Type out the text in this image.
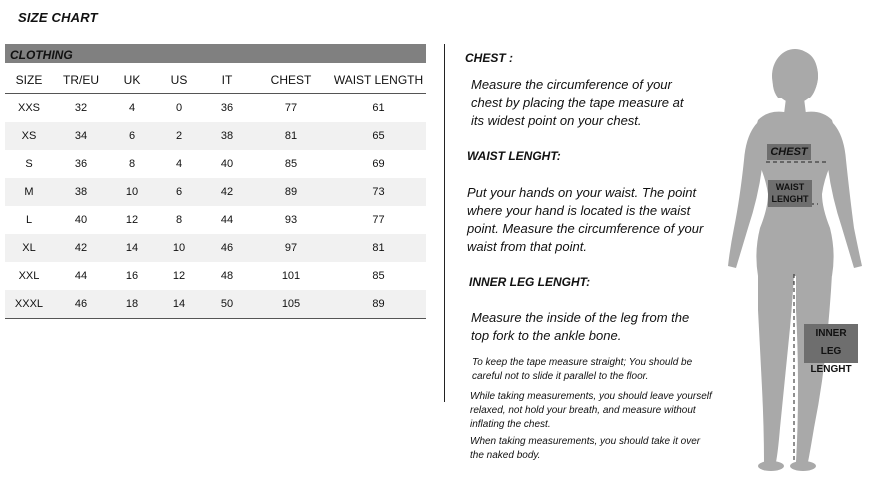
SIZE CHART
CLOTHING
SIZE	TR/EU	UK	US	IT	CHEST	WAIST LENGTH
XXS	32	4	0	36	77	61
XS	34	6	2	38	81	65
S	36	8	4	40	85	69
M	38	10	6	42	89	73
L	40	12	8	44	93	77
XL	42	14	10	46	97	81
XXL	44	16	12	48	101	85
XXXL	46	18	14	50	105	89
CHEST :
Measure the circumference of your
chest by placing the tape measure at
its widest point on your chest.
WAIST LENGHT:
Put your hands on your waist. The point
where your hand is located is the waist
point. Measure the circumference of your
waist from that point.
INNER LEG LENGHT:
Measure the inside of the leg from the
top fork to the ankle bone.
To keep the tape measure straight; You should be
careful not to slide it parallel to the floor.
While taking measurements, you should leave yourself
relaxed, not hold your breath, and measure without
inflating the chest.
When taking measurements, you should take it over
the naked body.
CHEST
WAIST
LENGHT
INNER LEG
LENGHT
